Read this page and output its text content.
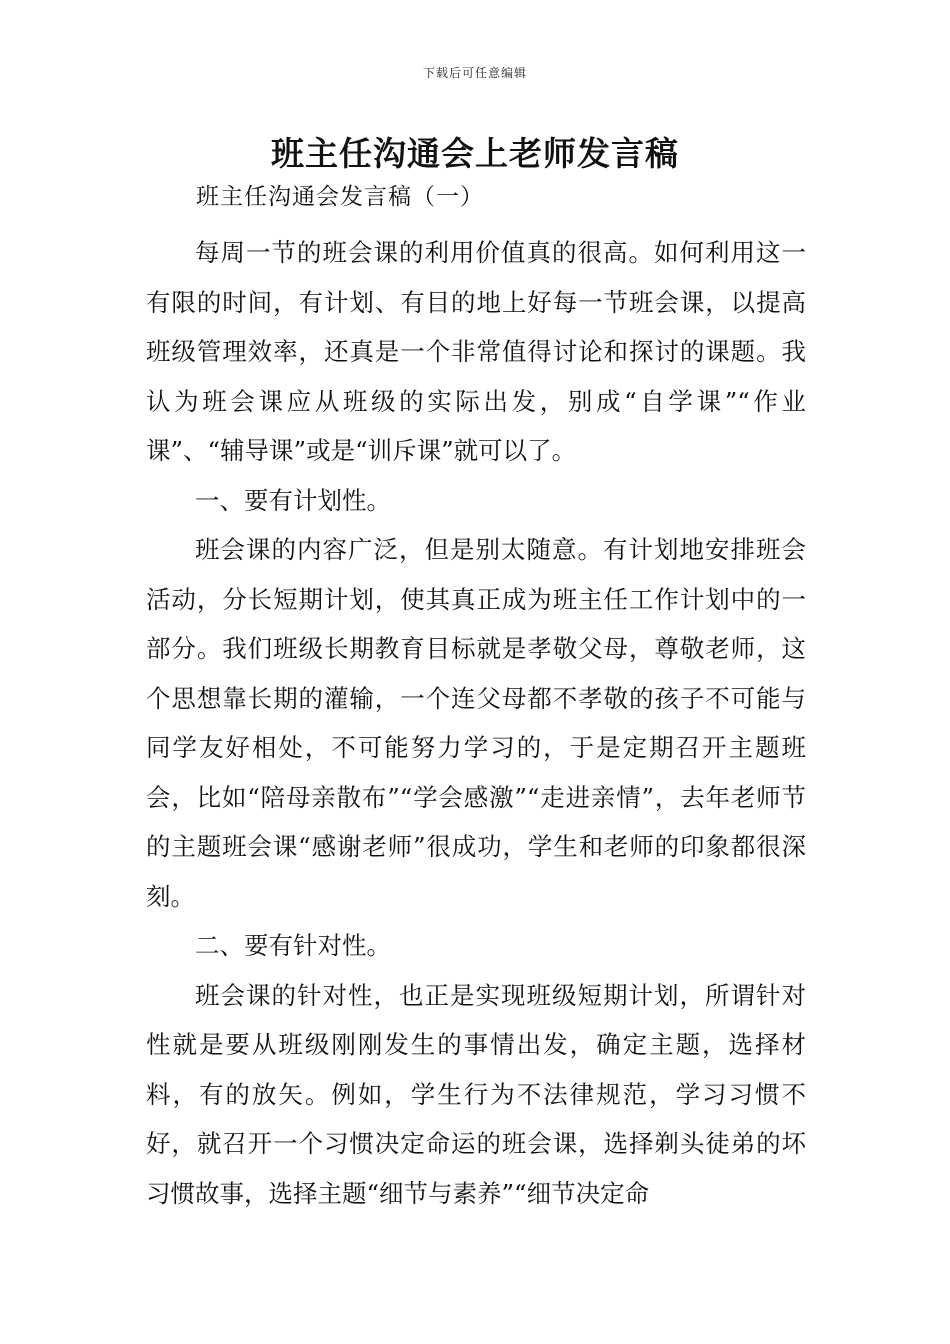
下载后可任意编辑
班主任沟通会上老师发言稿

班主任沟通会发言稿（一）

每周一节的班会课的利用价值真的很高。如何利用这一有限的时间，有计划、有目的地上好每一节班会课，以提高班级管理效率，还真是一个非常值得讨论和探讨的课题。我认为班会课应从班级的实际出发，别成“自学课”“作业课”、“辅导课”或是“训斥课”就可以了。

一、要有计划性。

班会课的内容广泛，但是别太随意。有计划地安排班会活动，分长短期计划，使其真正成为班主任工作计划中的一部分。我们班级长期教育目标就是孝敬父母，尊敬老师，这个思想靠长期的灌输，一个连父母都不孝敬的孩子不可能与同学友好相处，不可能努力学习的，于是定期召开主题班会，比如“陪母亲散布”“学会感激”“走进亲情”，去年老师节的主题班会课“感谢老师”很成功，学生和老师的印象都很深刻。

二、要有针对性。

班会课的针对性，也正是实现班级短期计划，所谓针对性就是要从班级刚刚发生的事情出发，确定主题，选择材料，有的放矢。例如，学生行为不法律规范，学习习惯不好，就召开一个习惯决定命运的班会课，选择剃头徒弟的坏习惯故事，选择主题“细节与素养”“细节决定命
